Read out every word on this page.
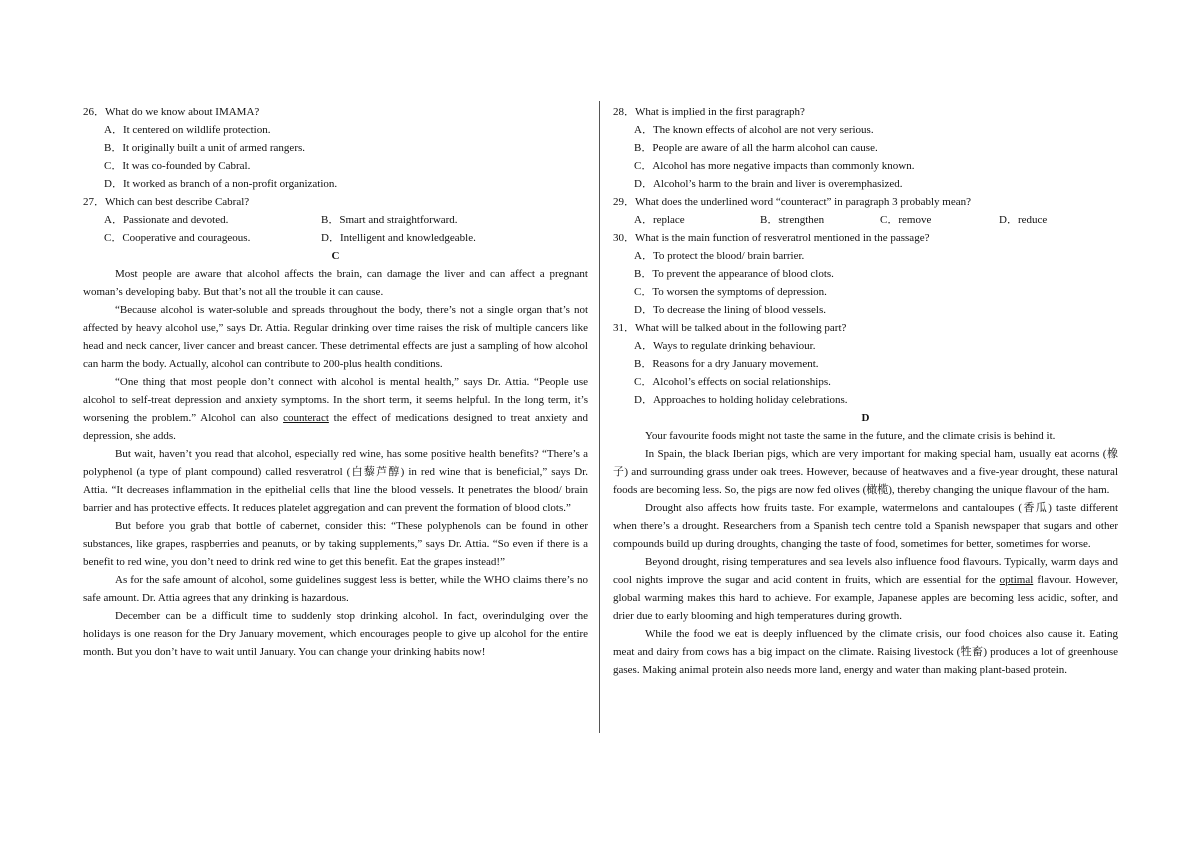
26．What do we know about IMAMA?

A．It centered on wildlife protection.

B．It originally built a unit of armed rangers.

C．It was co-founded by Cabral.

D．It worked as branch of a non-profit organization.

27．Which can best describe Cabral?

A．Passionate and devoted.	B．Smart and straightforward.
C．Cooperative and courageous.	D．Intelligent and knowledgeable.

C

Most people are aware that alcohol affects the brain, can damage the liver and can affect a pregnant woman’s developing baby. But that’s not all the trouble it can cause.

“Because alcohol is water-soluble and spreads throughout the body, there’s not a single organ that’s not affected by heavy alcohol use,” says Dr. Attia. Regular drinking over time raises the risk of multiple cancers like head and neck cancer, liver cancer and breast cancer. These detrimental effects are just a sampling of how alcohol can harm the body. Actually, alcohol can contribute to 200-plus health conditions.

“One thing that most people don’t connect with alcohol is mental health,” says Dr. Attia. “People use alcohol to self-treat depression and anxiety symptoms. In the short term, it seems helpful. In the long term, it’s worsening the problem.” Alcohol can also counteract the effect of medications designed to treat anxiety and depression, she adds.

But wait, haven’t you read that alcohol, especially red wine, has some positive health benefits? “There’s a polyphenol (a type of plant compound) called resveratrol (白藜芦醇) in red wine that is beneficial,” says Dr. Attia. “It decreases inflammation in the epithelial cells that line the blood vessels. It penetrates the blood/ brain barrier and has protective effects. It reduces platelet aggregation and can prevent the formation of blood clots.”

But before you grab that bottle of cabernet, consider this: “These polyphenols can be found in other substances, like grapes, raspberries and peanuts, or by taking supplements,” says Dr. Attia. “So even if there is a benefit to red wine, you don’t need to drink red wine to get this benefit. Eat the grapes instead!”

As for the safe amount of alcohol, some guidelines suggest less is better, while the WHO claims there’s no safe amount. Dr. Attia agrees that any drinking is hazardous.

December can be a difficult time to suddenly stop drinking alcohol. In fact, overindulging over the holidays is one reason for the Dry January movement, which encourages people to give up alcohol for the entire month. But you don’t have to wait until January. You can change your drinking habits now!

28．What is implied in the first paragraph?

A．The known effects of alcohol are not very serious.

B．People are aware of all the harm alcohol can cause.

C．Alcohol has more negative impacts than commonly known.

D．Alcohol’s harm to the brain and liver is overemphasized.

29．What does the underlined word “counteract” in paragraph 3 probably mean?

A．replace	B．strengthen	C．remove	D．reduce

30．What is the main function of resveratrol mentioned in the passage?

A．To protect the blood/ brain barrier.

B．To prevent the appearance of blood clots.

C．To worsen the symptoms of depression.

D．To decrease the lining of blood vessels.

31．What will be talked about in the following part?

A．Ways to regulate drinking behaviour.

B．Reasons for a dry January movement.

C．Alcohol’s effects on social relationships.

D．Approaches to holding holiday celebrations.

D

Your favourite foods might not taste the same in the future, and the climate crisis is behind it.

In Spain, the black Iberian pigs, which are very important for making special ham, usually eat acorns (橡子) and surrounding grass under oak trees. However, because of heatwaves and a five-year drought, these natural foods are becoming less. So, the pigs are now fed olives (橄榄), thereby changing the unique flavour of the ham.

Drought also affects how fruits taste. For example, watermelons and cantaloupes (香瓜) taste different when there’s a drought. Researchers from a Spanish tech centre told a Spanish newspaper that sugars and other compounds build up during droughts, changing the taste of food, sometimes for better, sometimes for worse.

Beyond drought, rising temperatures and sea levels also influence food flavours. Typically, warm days and cool nights improve the sugar and acid content in fruits, which are essential for the optimal flavour. However, global warming makes this hard to achieve. For example, Japanese apples are becoming less acidic, softer, and drier due to early blooming and high temperatures during growth.

While the food we eat is deeply influenced by the climate crisis, our food choices also cause it. Eating meat and dairy from cows has a big impact on the climate. Raising livestock (牲畜) produces a lot of greenhouse gases. Making animal protein also needs more land, energy and water than making plant-based protein.
